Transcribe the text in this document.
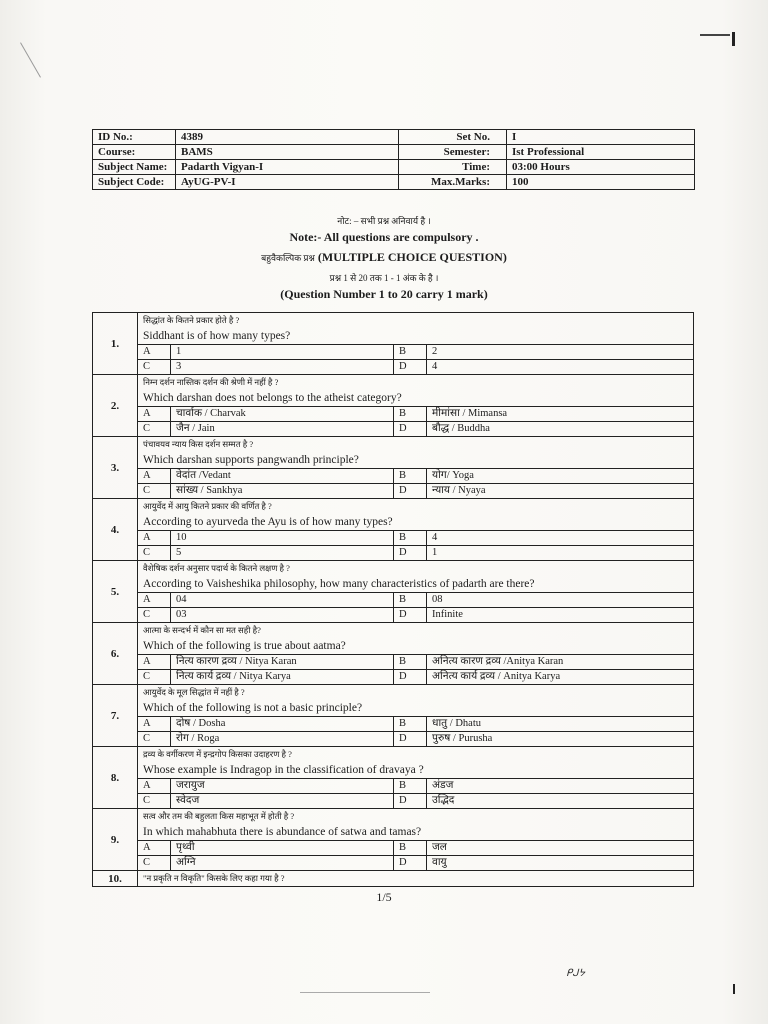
ID No.:	4389	Set No.	I
Course:	BAMS	Semester:	Ist Professional
Subject Name:	Padarth Vigyan-I	Time:	03:00 Hours
Subject Code:	AyUG-PV-I	Max.Marks:	100
नोट: – सभी प्रश्न अनिवार्य है ।
Note:- All questions are compulsory .
बहुवैकल्पिक प्रश्न (MULTIPLE CHOICE QUESTION)
प्रश्न 1 से 20 तक 1 - 1 अंक के है ।
(Question Number 1 to 20 carry 1 mark)
1.	
सिद्धांत के कितने प्रकार होते है ?
Siddhant is of how many types?
A	1	B	2
C	3	D	4

2.	
निम्न दर्शन नास्तिक दर्शन की श्रेणी में नहीं है ?
Which darshan does not belongs to the atheist category?
A	चार्वाक / Charvak	B	मीमांसा / Mimansa
C	जैन / Jain	D	बौद्ध / Buddha

3.	
पंचावयव न्याय किस दर्शन सम्मत है ?
Which darshan supports pangwandh principle?
A	वेदांत /Vedant	B	योग/ Yoga
C	सांख्य / Sankhya	D	न्याय / Nyaya

4.	
आयुर्वेद में आयु कितने प्रकार की वर्णित है ?
According to ayurveda the Ayu is of how many types?
A	10	B	4
C	5	D	1

5.	
वैशेषिक दर्शन अनुसार पदार्थ के कितने लक्षण है ?
According to Vaisheshika philosophy, how many characteristics of padarth are there?
A	04	B	08
C	03	D	Infinite

6.	
आत्मा के सन्दर्भ में कौन सा मत सही है?
Which of the following is true about aatma?
A	नित्य कारण द्रव्य / Nitya Karan	B	अनित्य कारण द्रव्य /Anitya Karan
C	नित्य कार्य द्रव्य / Nitya Karya	D	अनित्य कार्य द्रव्य / Anitya Karya

7.	
आयुर्वेद के मूल सिद्धांत में नहीं है ?
Which of the following is not a basic principle?
A	दोष / Dosha	B	धातु / Dhatu
C	रोग / Roga	D	पुरुष / Purusha

8.	
द्रव्य के वर्गीकरण में इन्द्रगोप किसका उदाहरण है ?
Whose example is Indragop in the classification of dravaya ?
A	जरायुज	B	अंडज
C	स्वेदज	D	उद्भिद

9.	
सत्व और तम की बहुलता किस महाभूत में होती है ?
In which mahabhuta there is abundance of satwa and tamas?
A	पृथ्वी	B	जल
C	अग्नि	D	वायु

10.	"न प्रकृति न विकृति" किसके लिए कहा गया है ?
1/5
ᑭᒍᔭ
